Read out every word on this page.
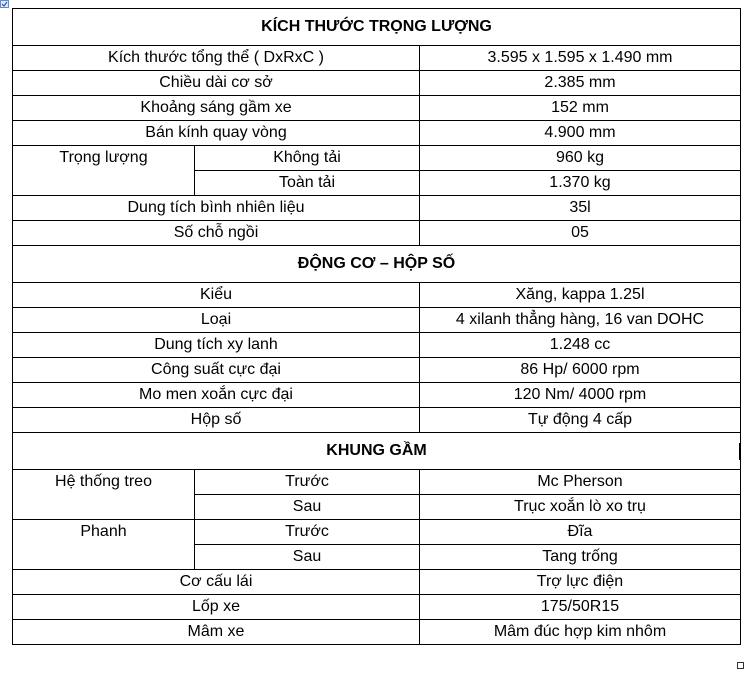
KÍCH THƯỚC TRỌNG LƯỢNG		
Kích thước tổng thể ( DxRxC )		3.595 x 1.595 x 1.490 mm
Chiều dài cơ sở		2.385 mm
Khoảng sáng gầm xe		152 mm
Bán kính quay vòng		4.900 mm
Trọng lượng	Không tải	960 kg
	Toàn tải	1.370 kg
Dung tích bình nhiên liệu		35l
Số chỗ ngồi		05
ĐỘNG CƠ – HỘP SỐ		
Kiểu		Xăng, kappa 1.25l
Loại		4 xilanh thẳng hàng, 16 van DOHC
Dung tích xy lanh		1.248 cc
Công suất cực đại		86 Hp/ 6000 rpm
Mo men xoắn cực đại		120 Nm/ 4000 rpm
Hộp số		Tự động 4 cấp
KHUNG GẦM		
Hệ thống treo	Trước	Mc Pherson
	Sau	Trục xoắn lò xo trụ
Phanh	Trước	Đĩa
	Sau	Tang trống
Cơ cấu lái		Trợ lực điện
Lốp xe		175/50R15
Mâm xe		Mâm đúc hợp kim nhôm
